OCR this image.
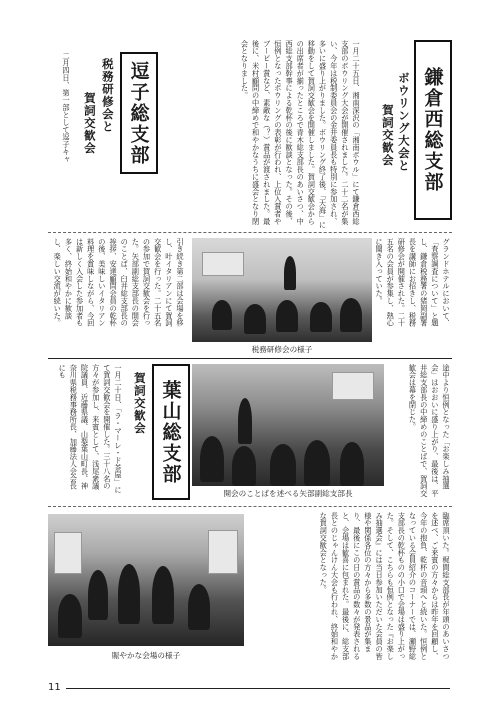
鎌倉西総支部
ボウリング大会と
賀詞交歓会
一月二十五日、湘南深沢の「湘南ボウル」にて鎌倉西総支部のボウリング大会が開催されました。二十二名が集い、今年は税制委員会の金井委員長も特別に参加され、多いに盛り上がりました。ボウリング終了後、「天海」に移動をして賀詞交歓会を開催しました。賀詞交歓会からの出席者が揃ったところで青木総支部長のあいさつ、中西総支部幹事による乾杯の後に歓談となった。その後、恒例となったボウリングの表彰が行われ、上位入賞者やブービー賞など、素敵な（？）賞品が渡されました。最後に、米村顧問の中締めで和やかなうちに盛会となり閉会となりました。
逗子総支部
税務研修会と
賀詞交歓会
二月四日、第一部として逗子キャ
グランドホテルにおいて、「査察調査について」と題し、鎌倉税務署の猪岡副署長を講師にお招きし、税務研修会が開催された。二十五名の会員が参集し、熱心に聞き入っていた。
引き続き第二部は会場を移し、叶イタリアンにて賀詞交歓会を行った。二十五名の参加で賀詞交歓会を行った。矢部副総支部長の開会のことば、臼井総支部長の挨拶、安達顧問会員の乾杯の後、美味しいイタリアン料理を賞味しながら、今回は新しく入会した参加者も多く、終始和やかに歓談し、楽しい交流が続いた。
税務研修会の様子
途中より恒例となった「お楽しみ抽選会」はおおいに盛り上がり、最後は、平井総支部長の中締めのことばで、賀詞交歓会は幕を閉じた。
開会のことばを述べる矢部副総支部長
葉山総支部
賀詞交歓会
一月二十日、「ラ・マーレ・ド茶屋」にて賀詞交歓会を開催した。三十八名の方々が参加し、来賓として、浅尾衆議院議員、近藤県議、山梨葉山町長、神奈川県税務事務所長、加藤法人会会長にも
臨席頂いた。梶間総支部長が年頭のあいさつを述べ、ご来賓の方々からは昨年を回顧し、今年の抱負、乾杯の音頭へと続いた。恒例となっている会員紹介のコーナーでは、瀬野総支部長の乾杯ものの小口で会場は盛り上がった。そして、こちらも恒例となった『お楽しみ抽選会』には当日参加いただいた会員の皆様や関係各位の方々から多数の景品が集まり、最後にこの日の賞品の数々が発表されると、会場は歓喜に包まれた。最後に、総支部長とのじゃんけん大会も行われ、終始和やかな賀詞交歓会となった。
賑やかな会場の様子
11
